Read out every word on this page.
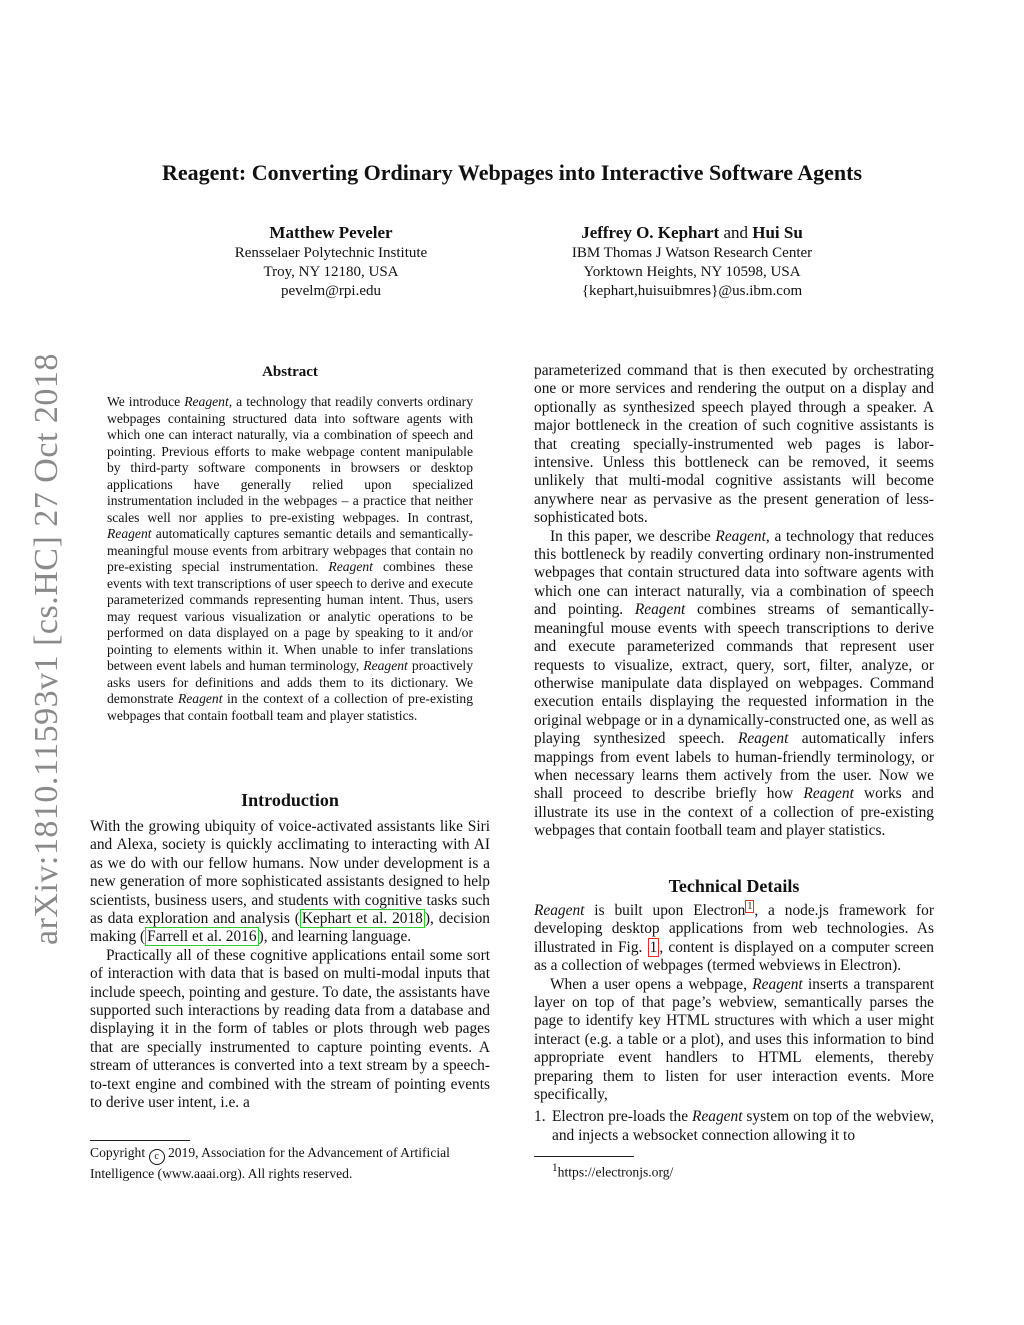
arXiv:1810.11593v1 [cs.HC] 27 Oct 2018
Reagent: Converting Ordinary Webpages into Interactive Software Agents
Matthew Peveler
Rensselaer Polytechnic Institute
Troy, NY 12180, USA
pevelm@rpi.edu
Jeffrey O. Kephart and Hui Su
IBM Thomas J Watson Research Center
Yorktown Heights, NY 10598, USA
{kephart,huisuibmres}@us.ibm.com
Abstract

We introduce Reagent, a technology that readily converts ordinary webpages containing structured data into software agents with which one can interact naturally, via a combination of speech and pointing. Previous efforts to make webpage content manipulable by third-party software components in browsers or desktop applications have generally relied upon specialized instrumentation included in the webpages – a practice that neither scales well nor applies to pre-existing webpages. In contrast, Reagent automatically captures semantic details and semantically-meaningful mouse events from arbitrary webpages that contain no pre-existing special instrumentation. Reagent combines these events with text transcriptions of user speech to derive and execute parameterized commands representing human intent. Thus, users may request various visualization or analytic operations to be performed on data displayed on a page by speaking to it and/or pointing to elements within it. When unable to infer translations between event labels and human terminology, Reagent proactively asks users for definitions and adds them to its dictionary. We demonstrate Reagent in the context of a collection of pre-existing webpages that contain football team and player statistics.

Introduction

With the growing ubiquity of voice-activated assistants like Siri and Alexa, society is quickly acclimating to interacting with AI as we do with our fellow humans. Now under development is a new generation of more sophisticated assistants designed to help scientists, business users, and students with cognitive tasks such as data exploration and analysis ( Kephart et al. 2018 ), decision making ( Farrell et al. 2016 ), and learning language.

Practically all of these cognitive applications entail some sort of interaction with data that is based on multi-modal inputs that include speech, pointing and gesture. To date, the assistants have supported such interactions by reading data from a database and displaying it in the form of tables or plots through web pages that are specially instrumented to capture pointing events. A stream of utterances is converted into a text stream by a speech-to-text engine and combined with the stream of pointing events to derive user intent, i.e. a

Copyright c 2019, Association for the Advancement of Artificial Intelligence (www.aaai.org). All rights reserved.

parameterized command that is then executed by orchestrating one or more services and rendering the output on a display and optionally as synthesized speech played through a speaker. A major bottleneck in the creation of such cognitive assistants is that creating specially-instrumented web pages is labor-intensive. Unless this bottleneck can be removed, it seems unlikely that multi-modal cognitive assistants will become anywhere near as pervasive as the present generation of less-sophisticated bots.

In this paper, we describe Reagent, a technology that reduces this bottleneck by readily converting ordinary non-instrumented webpages that contain structured data into software agents with which one can interact naturally, via a combination of speech and pointing. Reagent combines streams of semantically-meaningful mouse events with speech transcriptions to derive and execute parameterized commands that represent user requests to visualize, extract, query, sort, filter, analyze, or otherwise manipulate data displayed on webpages. Command execution entails displaying the requested information in the original webpage or in a dynamically-constructed one, as well as playing synthesized speech. Reagent automatically infers mappings from event labels to human-friendly terminology, or when necessary learns them actively from the user. Now we shall proceed to describe briefly how Reagent works and illustrate its use in the context of a collection of pre-existing webpages that contain football team and player statistics.

Technical Details

Reagent is built upon Electron $^1$ , a node.js framework for developing desktop applications from web technologies. As illustrated in Fig. 1 , content is displayed on a computer screen as a collection of webpages (termed webviews in Electron).

When a user opens a webpage, Reagent inserts a transparent layer on top of that page’s webview, semantically parses the page to identify key HTML structures with which a user might interact (e.g. a table or a plot), and uses this information to bind appropriate event handlers to HTML elements, thereby preparing them to listen for user interaction events. More specifically,

1. Electron pre-loads the Reagent system on top of the webview, and injects a websocket connection allowing it to
$^1$https://electronjs.org/
